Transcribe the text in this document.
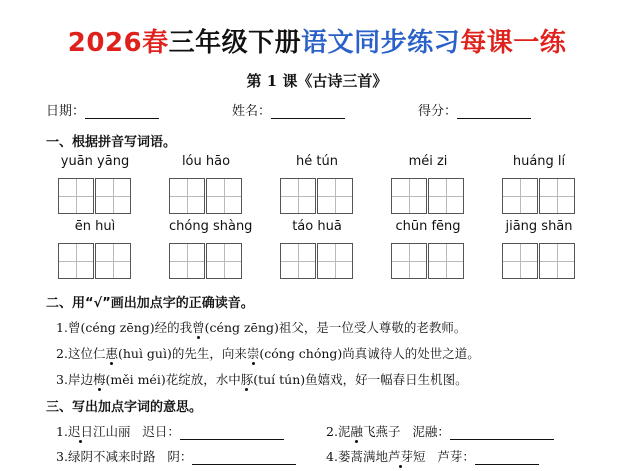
2026春三年级下册语文同步练习每课一练
第 1 课《古诗三首》
日期：	姓名：	得分：
一、根据拼音写词语。
yuān yāng	lóu hāo	hé tún	méi zi	huáng lí
ēn huì	chóng shàng	táo huā	chūn fēng	jiāng shān
二、用“√”画出加点字的正确读音。
1.曾(céng zēng)经的我曾(céng zēng)祖父，是一位受人尊敬的老教师。
2.这位仁惠(huì guì)的先生，向来崇(cóng chóng)尚真诚待人的处世之道。
3.岸边梅(měi méi)花绽放，水中豚(tuí tún)鱼嬉戏，好一幅春日生机图。
三、写出加点字词的意思。
1.迟日江山丽 迟日：	2.泥融飞燕子 泥融：
3.绿阴不减来时路 阴：	4.蒌蒿满地芦芽短 芦芽：
